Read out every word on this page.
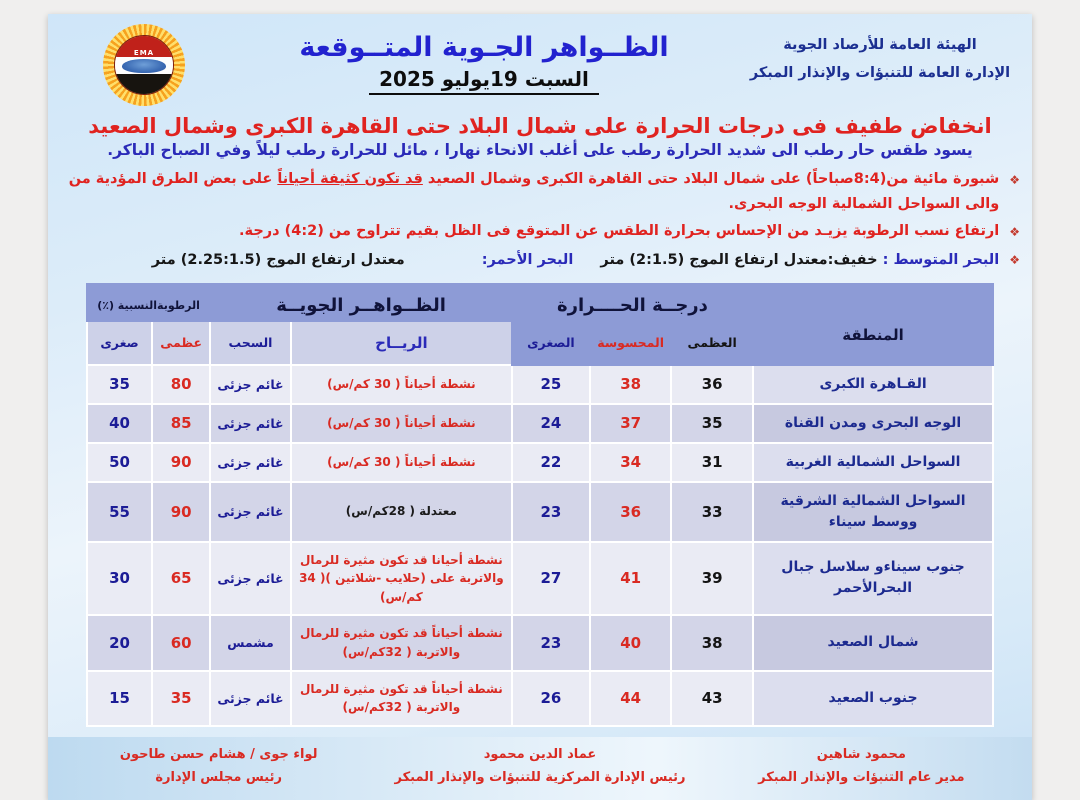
الهيئة العامة للأرصاد الجوية
الإدارة العامة للتنبؤات والإنذار المبكر
الظــواهر الجـوية المتــوقعة
السبت 19يوليو 2025
EMA
انخفاض طفيف فى درجات الحرارة على شمال البلاد حتى القاهرة الكبرى وشمال الصعيد
يسود طقس حار رطب الى شديد الحرارة رطب على أغلب الانحاء نهارا ، مائل للحرارة رطب ليلاً وفي الصباح الباكر.
❖
شبورة مائية من(8:4صباحاً) على شمال البلاد حتى القاهرة الكبرى وشمال الصعيد قد تكون كثيفة أحياناً على بعض الطرق المؤدية من والى السواحل الشمالية الوجه البحرى.
❖
ارتفاع نسب الرطوبة يزيـد من الإحساس بحرارة الطقس عن المتوقع فى الظل بقيم تتراوح من (4:2) درجة.
❖
البحر المتوسط : خفيف:معتدل ارتفاع الموج (2:1.5) متر البحر الأحمر: معتدل ارتفاع الموج (2.25:1.5) متر
المنطقة	درجــة الحــــرارة			الظــواهــر الجويــة		الرطوبةالنسبية (٪)	
	العظمى	المحسوسة	الصغرى	الريــاح	السحب	عظمى	صغرى
القـاهرة الكبرى	36	38	25	نشطة أحياناً ( 30 كم/س)	غائم جزئى	80	35
الوجه البحرى ومدن القناة	35	37	24	نشطة أحياناً ( 30 كم/س)	غائم جزئى	85	40
السواحل الشمالية الغربية	31	34	22	نشطة أحياناً ( 30 كم/س)	غائم جزئى	90	50
السواحل الشمالية الشرقية ووسط سيناء	33	36	23	معتدلة ( 28كم/س)	غائم جزئى	90	55
جنوب سيناءو سلاسل جبال البحرالأحمر	39	41	27	نشطة أحيانا قد تكون مثيرة للرمال والاتربة على (حلايب -شلاتين )( 34 كم/س)	غائم جزئى	65	30
شمال الصعيد	38	40	23	نشطة أحياناً قد تكون مثيرة للرمال والاتربة ( 32كم/س)	مشمس	60	20
جنوب الصعيد	43	44	26	نشطة أحياناً قد تكون مثيرة للرمال والاتربة ( 32كم/س)	غائم جزئى	35	15
محمود شاهين
مدير عام التنبؤات والإنذار المبكر
عماد الدين محمود
رئيس الإدارة المركزية للتنبؤات والإنذار المبكر
لواء جوى / هشام حسن طاحون
رئيس مجلس الإدارة
